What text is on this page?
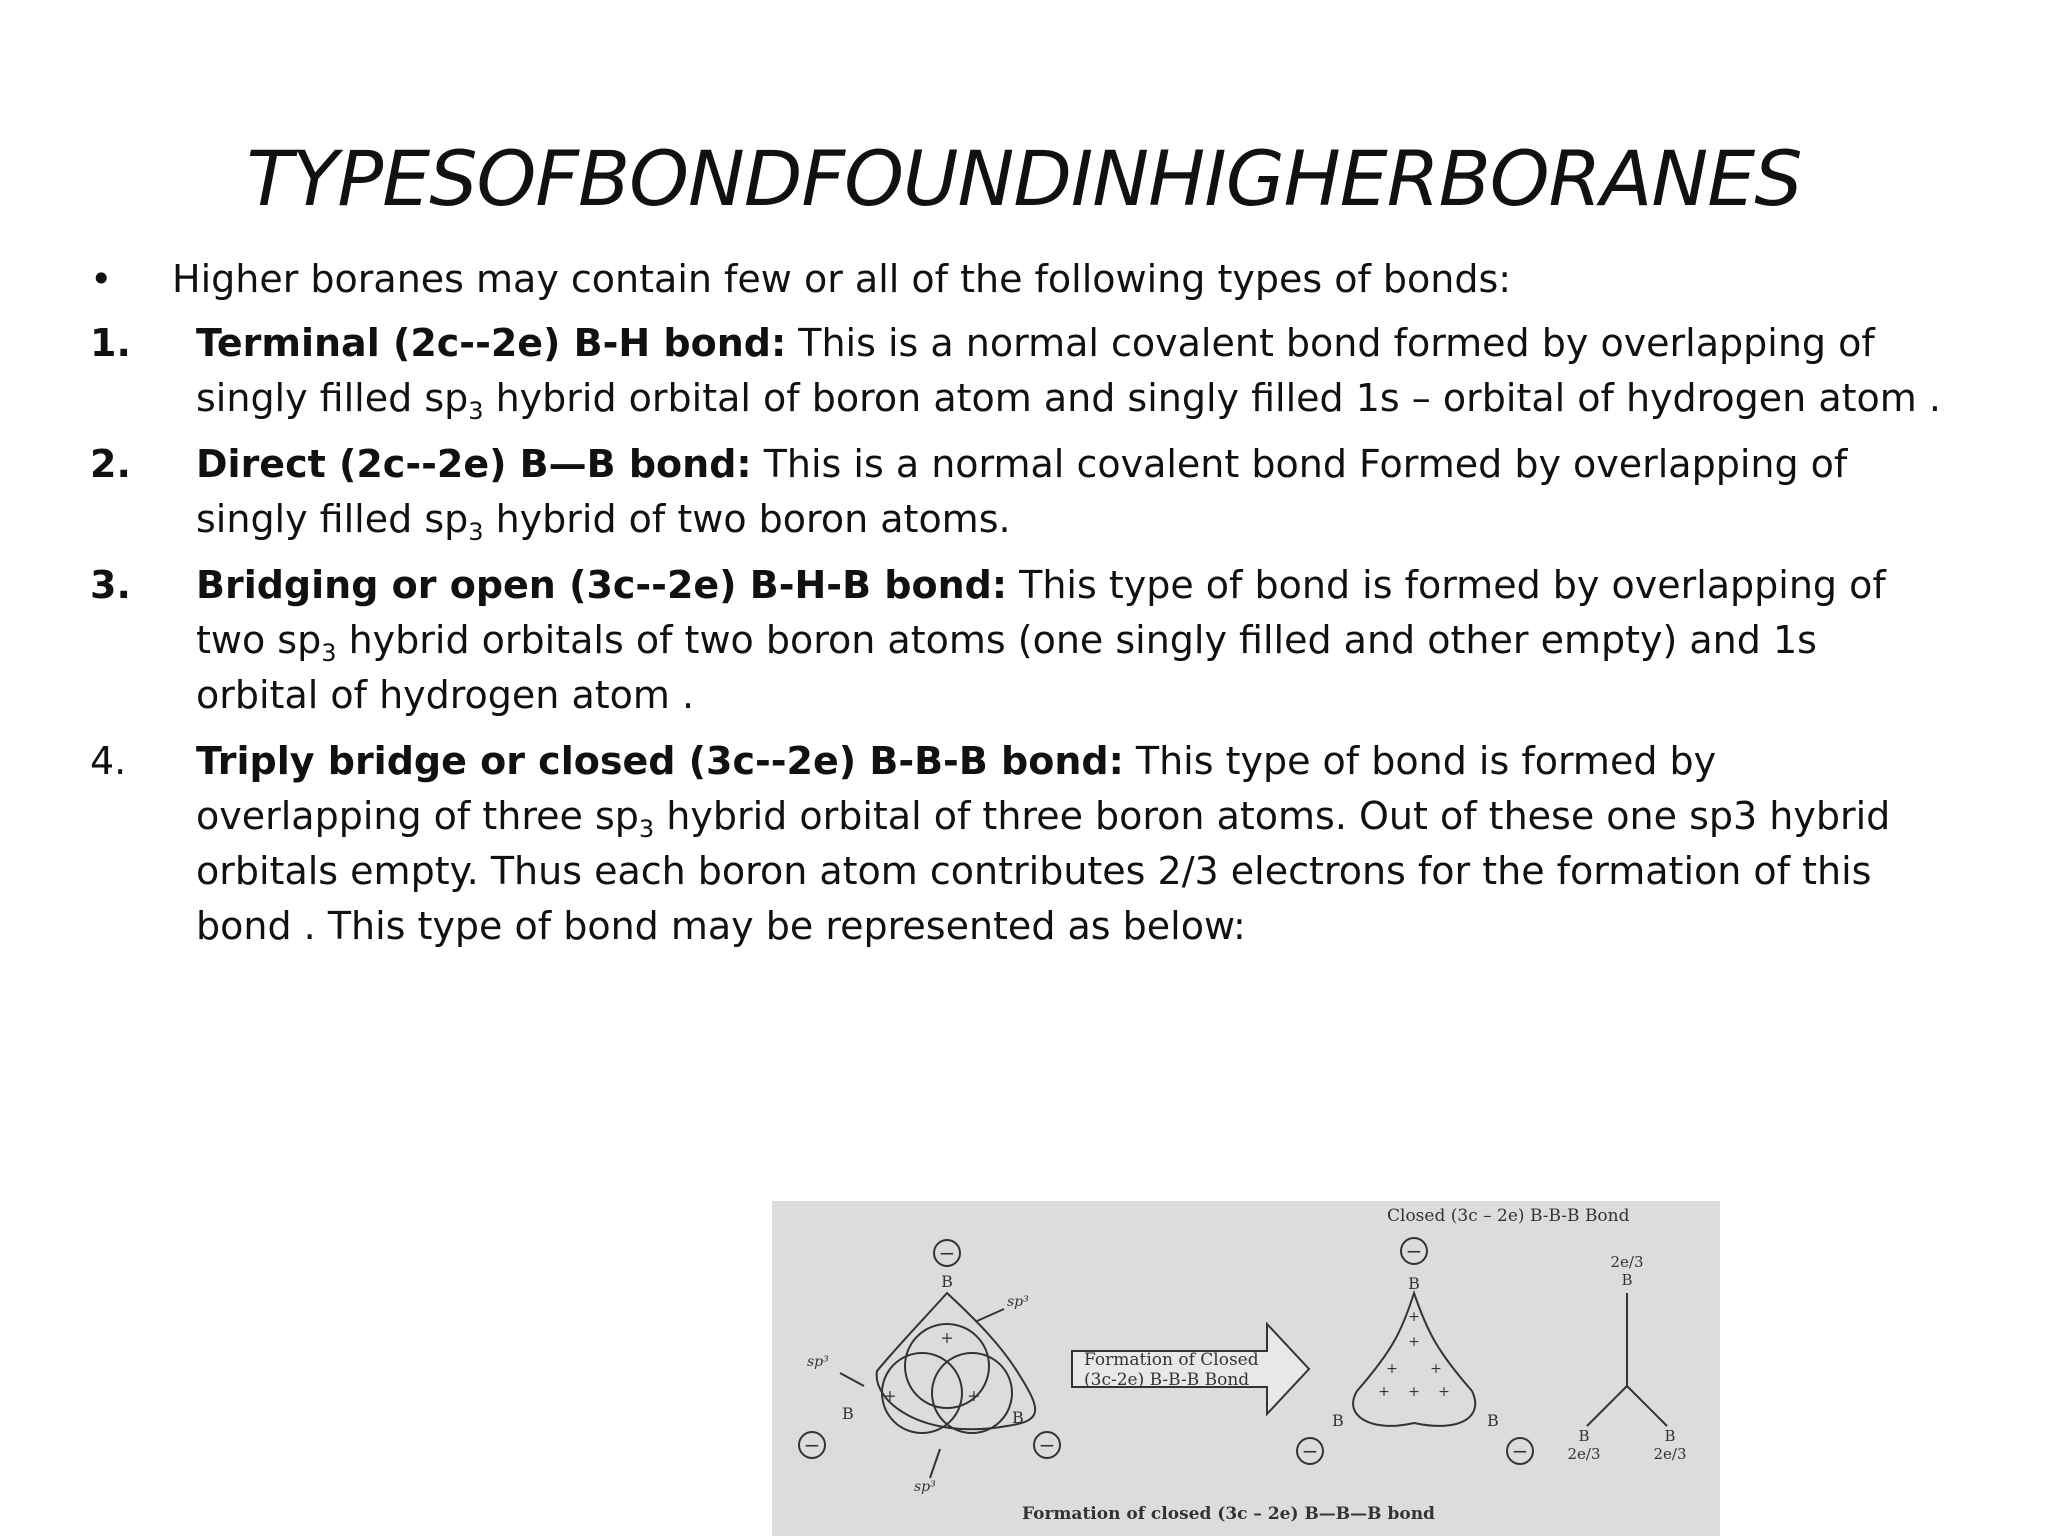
TYPESOFBONDFOUNDINHIGHERBORANES
•	Higher boranes may contain few or all of the following types of bonds:
1. Terminal (2c--2e) B-H bond: This is a normal covalent bond formed by overlapping of singly filled $sp_3$ hybrid orbital of boron atom and singly filled 1s – orbital of hydrogen atom .
2. Direct (2c--2e) B—B bond: This is a normal covalent bond Formed by overlapping of singly filled $sp_3$ hybrid of two boron atoms.
3. Bridging or open (3c--2e) B-H-B bond: This type of bond is formed by overlapping of two $sp_3$ hybrid orbitals of two boron atoms (one singly filled and other empty) and 1s orbital of hydrogen atom .
4. Triply bridge or closed (3c--2e) B-B-B bond: This type of bond is formed by overlapping of three $sp_3$ hybrid orbital of three boron atoms. Out of these one sp3 hybrid orbitals empty. Thus each boron atom contributes 2/3 electrons for the formation of this bond . This type of bond may be represented as below:
−
B
+
+	+
sp³
sp³
sp³
B
−
B
−
Formation of Closed
(3c-2e) B-B-B Bond
Closed (3c – 2e) B-B-B Bond
−
B
+
+
+ +
+ + +
B
−
B
−
2e/3
B
B
2e/3
B
2e/3
Formation of closed (3c – 2e) B—B—B bond
